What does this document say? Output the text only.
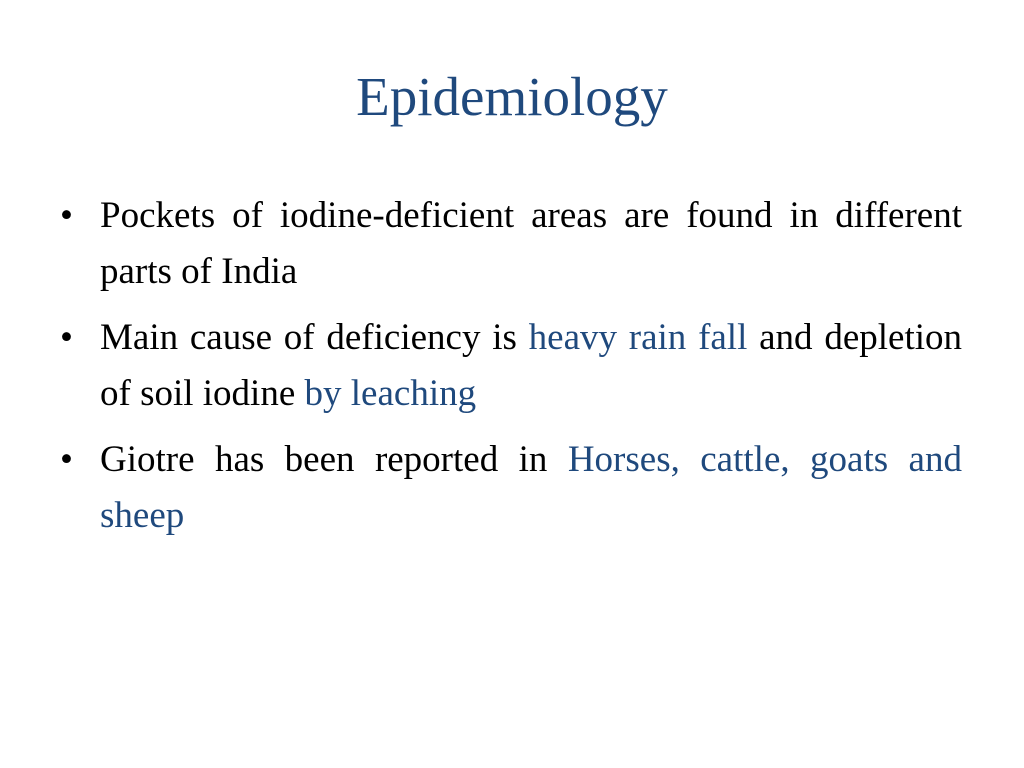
Epidemiology
• Pockets of iodine-deficient areas are found in different parts of India
• Main cause of deficiency is heavy rain fall and depletion of soil iodine by leaching
• Giotre has been reported in Horses, cattle, goats and sheep
